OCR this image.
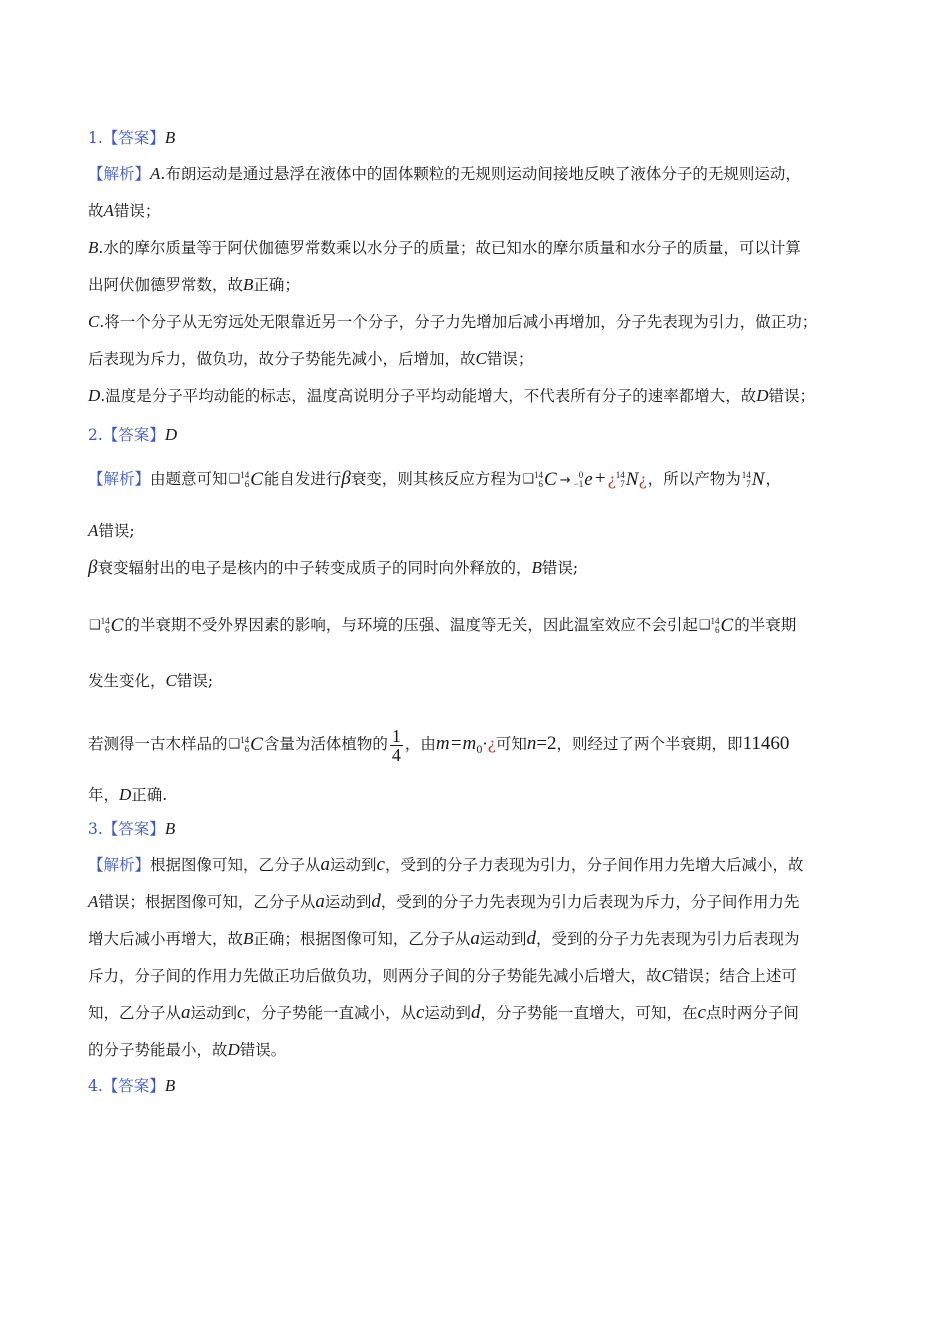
1.【答案】B
【解析】A.布朗运动是通过悬浮在液体中的固体颗粒的无规则运动间接地反映了液体分子的无规则运动，
故A错误；
B.水的摩尔质量等于阿伏伽德罗常数乘以水分子的质量；故已知水的摩尔质量和水分子的质量，可以计算
出阿伏伽德罗常数，故B正确；
C.将一个分子从无穷远处无限靠近另一个分子，分子力先增加后减小再增加，分子先表现为引力，做正功；
后表现为斥力，做负功，故分子势能先减小，后增加，故C错误；
D.温度是分子平均动能的标志，温度高说明分子平均动能增大，不代表所有分子的速率都增大，故D错误；
2.【答案】D
【解析】由题意可知 ❑ 14
6 C 能自发进行β衰变，则其核反应方程为 ❑ 14
6 C → 0
−1 e + ¿ 14
7 N ¿ ，所以产物为 14
7 N ，
A错误;
β衰变辐射出的电子是核内的中子转变成质子的同时向外释放的，B错误;
❑ 14
6 C 的半衰期不受外界因素的影响，与环境的压强、温度等无关，因此温室效应不会引起 ❑ 14
6 C 的半衰期
发生变化，C错误;
若测得一古木样品的 ❑ 14
6 C 含量为活体植物的 $\frac{1}{4}$ ，由$m=m_0\cdot¿$可知n=2，则经过了两个半衰期，即11460
年，D正确.
3.【答案】B
【解析】根据图像可知，乙分子从a运动到c，受到的分子力表现为引力，分子间作用力先增大后减小，故
A错误；根据图像可知，乙分子从a运动到d，受到的分子力先表现为引力后表现为斥力，分子间作用力先
增大后减小再增大，故B正确；根据图像可知，乙分子从a运动到d，受到的分子力先表现为引力后表现为
斥力，分子间的作用力先做正功后做负功，则两分子间的分子势能先减小后增大，故C错误；结合上述可
知，乙分子从a运动到c，分子势能一直减小，从c运动到d，分子势能一直增大，可知，在c点时两分子间
的分子势能最小，故D错误。
4.【答案】B
